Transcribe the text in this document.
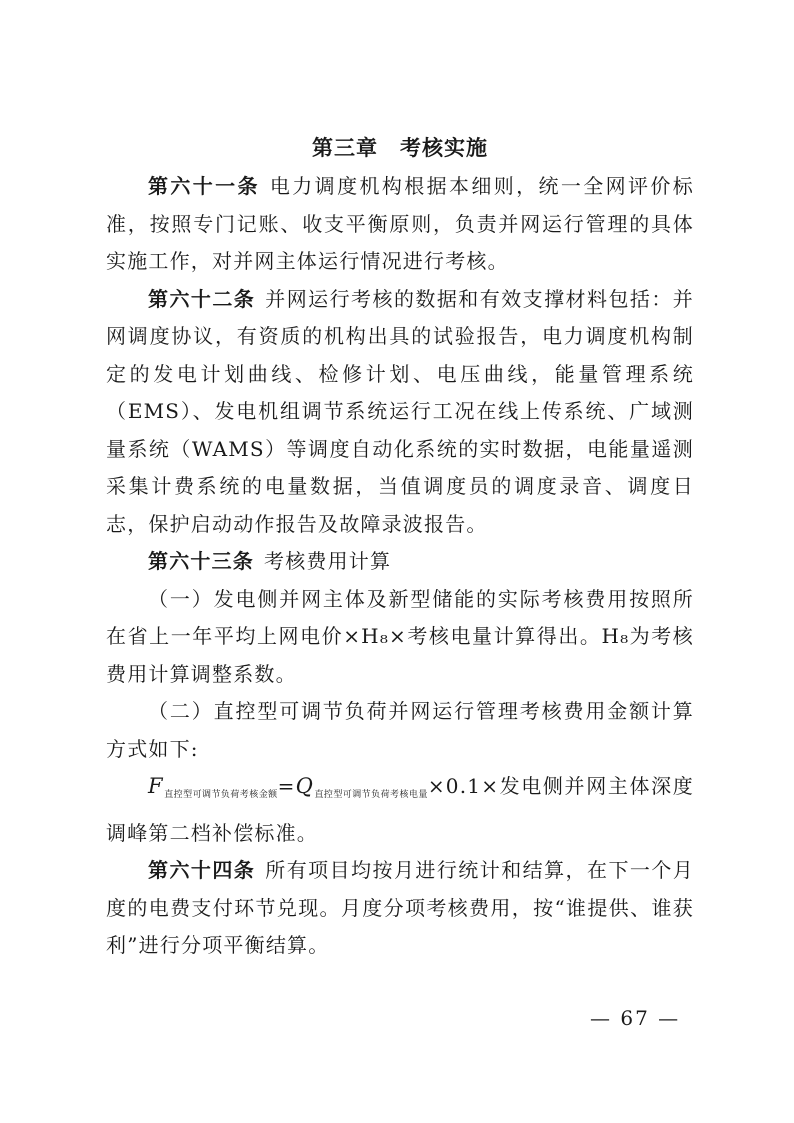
第三章 考核实施

第六十一条 电力调度机构根据本细则，统一全网评价标准，按照专门记账、收支平衡原则，负责并网运行管理的具体实施工作，对并网主体运行情况进行考核。

第六十二条 并网运行考核的数据和有效支撑材料包括：并网调度协议，有资质的机构出具的试验报告，电力调度机构制定的发电计划曲线、检修计划、电压曲线，能量管理系统（EMS）、发电机组调节系统运行工况在线上传系统、广域测量系统（WAMS）等调度自动化系统的实时数据，电能量遥测采集计费系统的电量数据，当值调度员的调度录音、调度日志，保护启动动作报告及故障录波报告。

第六十三条 考核费用计算

（一）发电侧并网主体及新型储能的实际考核费用按照所在省上一年平均上网电价×H₈×考核电量计算得出。H₈为考核费用计算调整系数。

（二）直控型可调节负荷并网运行管理考核费用金额计算方式如下:

$F_{直控型可调节负荷考核金额}=Q_{直控型可调节负荷考核电量}\times 0.1\times$发电侧并网主体深度调峰第二档补偿标准。

第六十四条 所有项目均按月进行统计和结算，在下一个月度的电费支付环节兑现。月度分项考核费用，按“谁提供、谁获利”进行分项平衡结算。

— 67 —
